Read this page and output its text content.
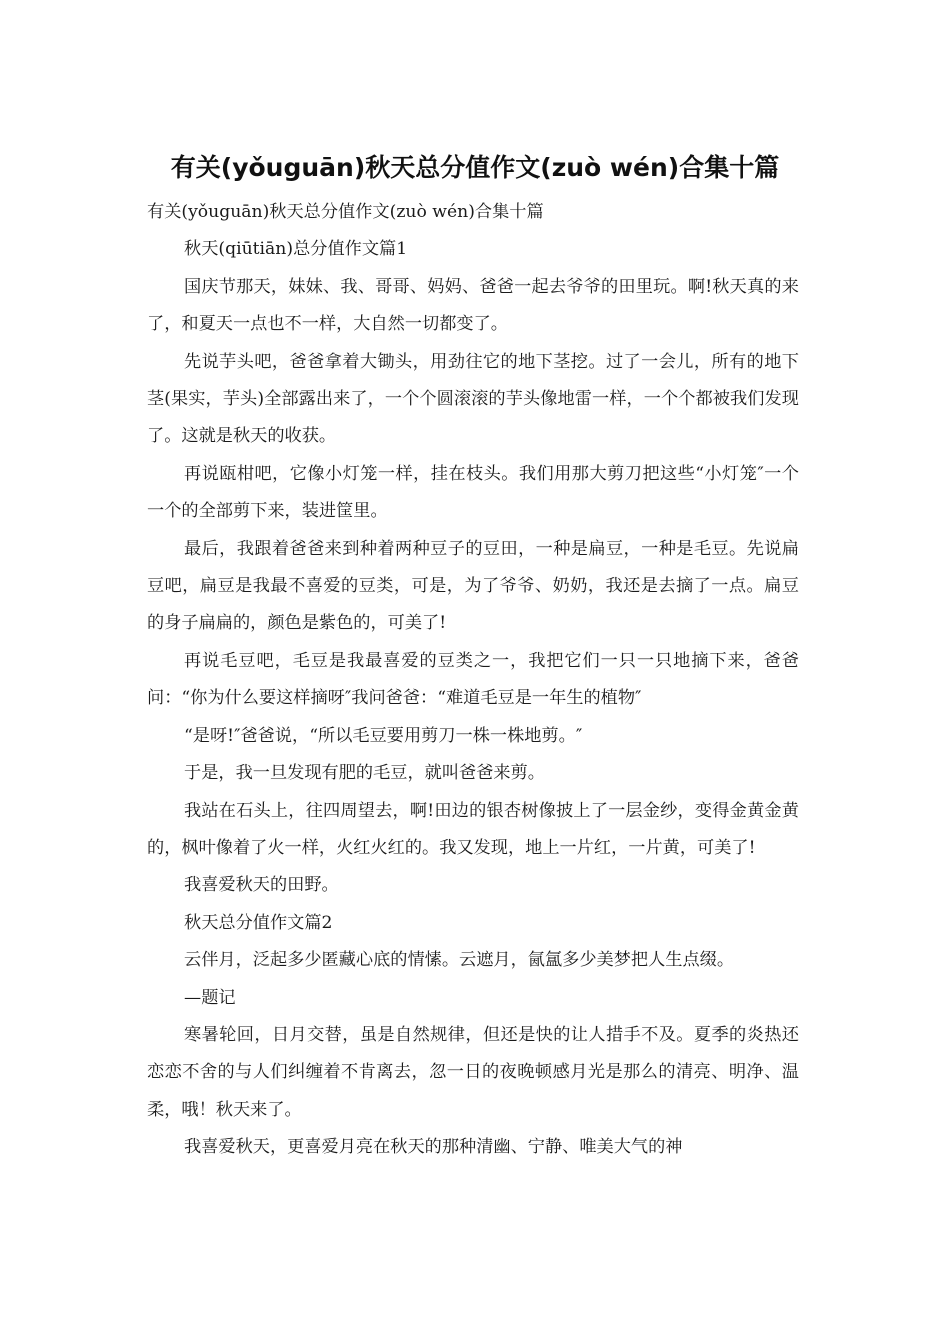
有关(yǒuguān)秋天总分值作文(zuò wén)合集十篇

有关(yǒuguān)秋天总分值作文(zuò wén)合集十篇

秋天(qiūtiān)总分值作文篇1

国庆节那天，妹妹、我、哥哥、妈妈、爸爸一起去爷爷的田里玩。啊!秋天真的来了，和夏天一点也不一样，大自然一切都变了。

先说芋头吧，爸爸拿着大锄头，用劲往它的地下茎挖。过了一会儿，所有的地下茎(果实，芋头)全部露出来了，一个个圆滚滚的芋头像地雷一样，一个个都被我们发现了。这就是秋天的收获。

再说瓯柑吧，它像小灯笼一样，挂在枝头。我们用那大剪刀把这些“小灯笼″一个一个的全部剪下来，装进筐里。

最后，我跟着爸爸来到种着两种豆子的豆田，一种是扁豆，一种是毛豆。先说扁豆吧，扁豆是我最不喜爱的豆类，可是，为了爷爷、奶奶，我还是去摘了一点。扁豆的身子扁扁的，颜色是紫色的，可美了!

再说毛豆吧，毛豆是我最喜爱的豆类之一，我把它们一只一只地摘下来，爸爸问：“你为什么要这样摘呀″我问爸爸：“难道毛豆是一年生的植物″

“是呀!″爸爸说，“所以毛豆要用剪刀一株一株地剪。″

于是，我一旦发现有肥的毛豆，就叫爸爸来剪。

我站在石头上，往四周望去，啊!田边的银杏树像披上了一层金纱，变得金黄金黄的，枫叶像着了火一样，火红火红的。我又发现，地上一片红，一片黄，可美了!

我喜爱秋天的田野。

秋天总分值作文篇2

云伴月，泛起多少匿藏心底的情愫。云遮月，氤氲多少美梦把人生点缀。

—题记

寒暑轮回，日月交替，虽是自然规律，但还是快的让人措手不及。夏季的炎热还恋恋不舍的与人们纠缠着不肯离去，忽一日的夜晚顿感月光是那么的清亮、明净、温柔，哦！秋天来了。

我喜爱秋天，更喜爱月亮在秋天的那种清幽、宁静、唯美大气的神
